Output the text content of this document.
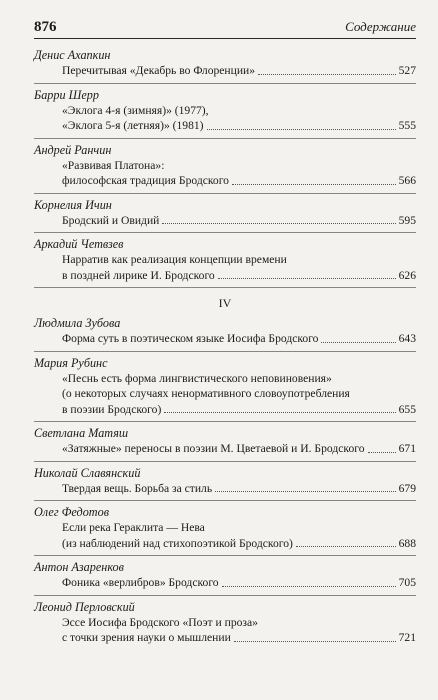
876	Содержание
Денис Ахапкин
Перечитывая «Декабрь во Флоренции»	527
Барри Шерр
«Эклога 4-я (зимняя)» (1977),
«Эклога 5-я (летняя)» (1981)	555
Андрей Ранчин
«Развивая Платона»:
философская традиция Бродского	566
Корнелия Ичин
Бродский и Овидий	595
Аркадий Четвзев
Нарратив как реализация концепции времени
в поздней лирике И. Бродского	626
IV
Людмила Зубова
Форма суть в поэтическом языке Иосифа Бродского	643
Мария Рубинс
«Песнь есть форма лингвистического неповиновения»
(о некоторых случаях ненормативного словоупотребления
в поэзии Бродского)	655
Светлана Матяш
«Затяжные» переносы в поэзии М. Цветаевой и И. Бродского	671
Николай Славянский
Твердая вещь. Борьба за стиль	679
Олег Федотов
Если река Гераклита — Нева
(из наблюдений над стихопоэтикой Бродского)	688
Антон Азаренков
Фоника «верлибров» Бродского	705
Леонид Перловский
Эссе Иосифа Бродского «Поэт и проза»
с точки зрения науки о мышлении	721
